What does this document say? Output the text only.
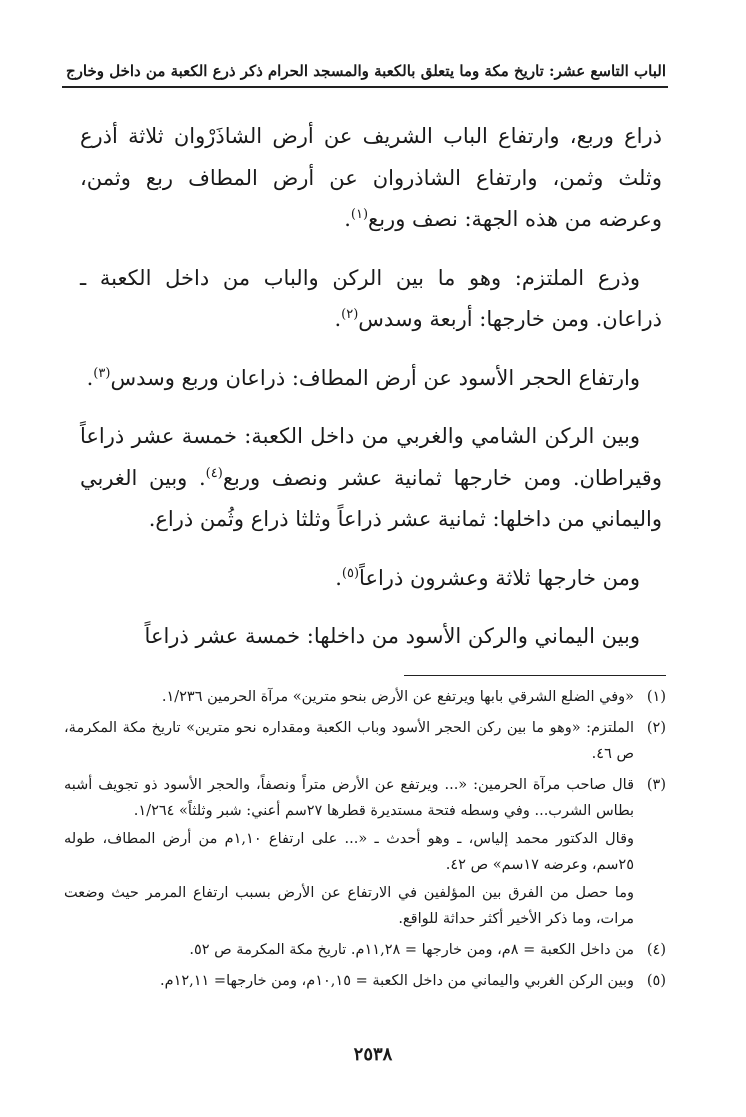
الباب التاسع عشر: تاريخ مكة وما يتعلق بالكعبة والمسجد الحرام
ذكر ذرع الكعبة من داخل وخارج

ذراع وربع، وارتفاع الباب الشريف عن أرض الشاذَرْوان ثلاثة أذرع وثلث وثمن، وارتفاع الشاذروان عن أرض المطاف ربع وثمن، وعرضه من هذه الجهة: نصف وربع$^{(١)}$.

وذرع الملتزم: وهو ما بين الركن والباب من داخل الكعبة ـ ذراعان. ومن خارجها: أربعة وسدس$^{(٢)}$.

وارتفاع الحجر الأسود عن أرض المطاف: ذراعان وربع وسدس$^{(٣)}$.

وبين الركن الشامي والغربي من داخل الكعبة: خمسة عشر ذراعاً وقيراطان. ومن خارجها ثمانية عشر ونصف وربع$^{(٤)}$. وبين الغربي واليماني من داخلها: ثمانية عشر ذراعاً وثلثا ذراع وثُمن ذراع.

ومن خارجها ثلاثة وعشرون ذراعاً$^{(٥)}$.

وبين اليماني والركن الأسود من داخلها: خمسة عشر ذراعاً

(١)
«وفي الضلع الشرقي بابها ويرتفع عن الأرض بنحو مترين» مرآة الحرمين ١/٢٣٦.
(٢)
الملتزم: «وهو ما بين ركن الحجر الأسود وباب الكعبة ومقداره نحو مترين» تاريخ مكة المكرمة، ص ٤٦.
(٣)
قال صاحب مرآة الحرمين: «... ويرتفع عن الأرض متراً ونصفاً، والحجر الأسود ذو تجويف أشبه بطاس الشرب... وفي وسطه فتحة مستديرة قطرها ٢٧سم أعني: شبر وثلثاً» ١/٢٦٤.

وقال الدكتور محمد إلياس، ـ وهو أحدث ـ «... على ارتفاع ١,١٠م من أرض المطاف، طوله ٢٥سم، وعرضه ١٧سم» ص ٤٢.

وما حصل من الفرق بين المؤلفين في الارتفاع عن الأرض بسبب ارتفاع المرمر حيث وضعت مرات، وما ذكر الأخير أكثر حداثة للواقع.

(٤)
من داخل الكعبة = ٨م، ومن خارجها = ١١,٢٨م. تاريخ مكة المكرمة ص ٥٢.
(٥)
وبين الركن الغربي واليماني من داخل الكعبة = ١٠,١٥م، ومن خارجها= ١٢,١١م.
٢٥٣٨
